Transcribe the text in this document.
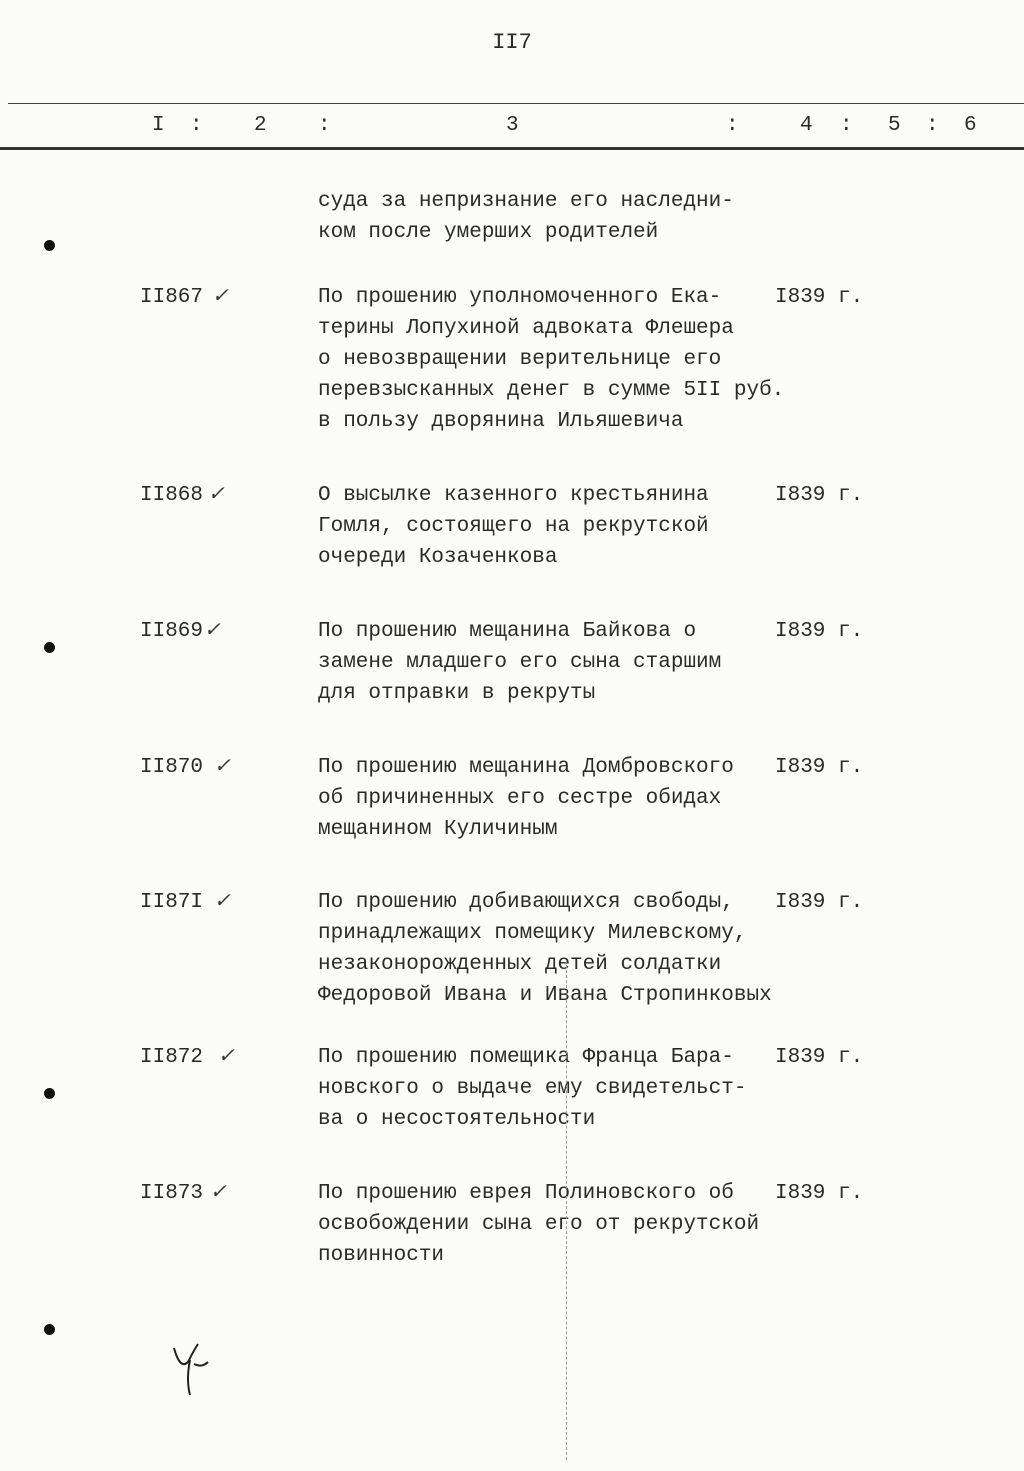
II7
I : 2 :	3	:	4 : 5 : 6
суда за непризнание его наследни-
ком после умерших родителей
II867 ✓	По прошению уполномоченного Ека-
терины Лопухиной адвоката Флешера
о невозвращении верительнице его
перевзысканных денег в сумме 5II руб.
в пользу дворянина Ильяшевича
I839 г.
II868 ✓	О высылке казенного крестьянина
Гомля, состоящего на рекрутской
очереди Козаченкова
I839 г.
II869 ✓	По прошению мещанина Байкова о
замене младшего его сына старшим
для отправки в рекруты
I839 г.
II870 ✓	По прошению мещанина Домбровского
об причиненных его сестре обидах
мещанином Куличиным
I839 г.
II87I ✓	По прошению добивающихся свободы,
принадлежащих помещику Милевскому,
незаконорожденных детей солдатки
Федоровой Ивана и Ивана Стропинковых
I839 г.
II872 ✓	По прошению помещика Франца Бара-
новского о выдаче ему свидетельст-
ва о несостоятельности
I839 г.
II873 ✓	По прошению еврея Полиновского об
освобождении сына его от рекрутской
повинности
I839 г.
